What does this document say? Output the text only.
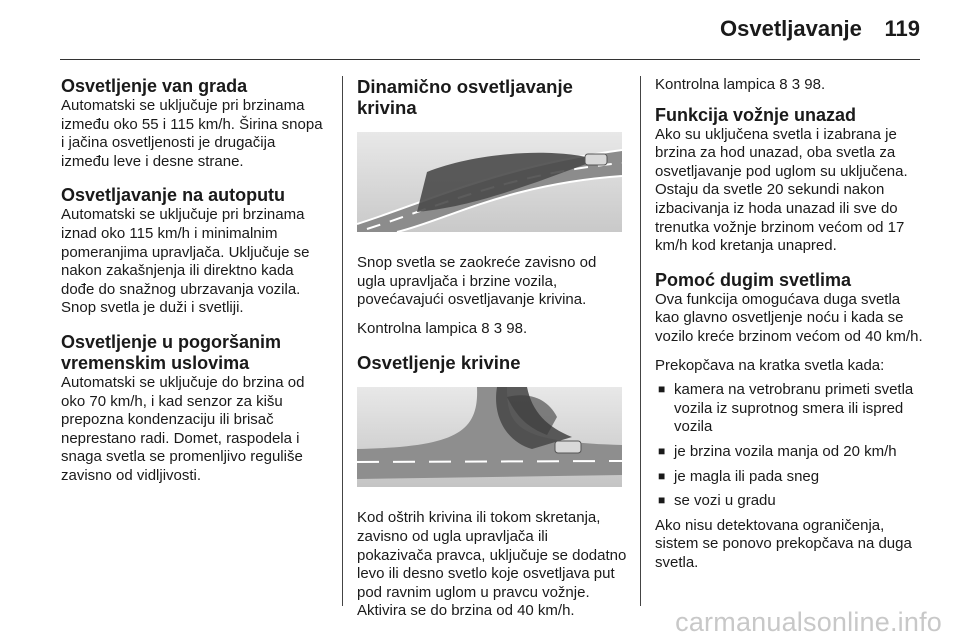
Osvetljavanje 119
Osvetljenje van grada
Automatski se uključuje pri brzinama između oko 55 i 115 km/h. Širina snopa i jačina osvetljenosti je drugačija između leve i desne strane.
Osvetljavanje na autoputu
Automatski se uključuje pri brzinama iznad oko 115 km/h i minimalnim pomeranjima upravljača. Uključuje se nakon zakašnjenja ili direktno kada dođe do snažnog ubrzavanja vozila. Snop svetla je duži i svetliji.
Osvetljenje u pogoršanim vremenskim uslovima
Automatski se uključuje do brzina od oko 70 km/h, i kad senzor za kišu prepozna kondenzaciju ili brisač neprestano radi. Domet, raspodela i snaga svetla se promenljivo reguliše zavisno od vidljivosti.
Dinamično osvetljavanje krivina
Snop svetla se zaokreće zavisno od ugla upravljača i brzine vozila, povećavajući osvetljavanje krivina.
Kontrolna lampica 8 3 98.
Osvetljenje krivine
Kod oštrih krivina ili tokom skretanja, zavisno od ugla upravljača ili pokazivača pravca, uključuje se dodatno levo ili desno svetlo koje osvetljava put pod ravnim uglom u pravcu vožnje. Aktivira se do brzina od 40 km/h.
Kontrolna lampica 8 3 98.
Funkcija vožnje unazad
Ako su uključena svetla i izabrana je brzina za hod unazad, oba svetla za osvetljavanje pod uglom su uključena. Ostaju da svetle 20 sekundi nakon izbacivanja iz hoda unazad ili sve do trenutka vožnje brzinom većom od 17 km/h kod kretanja unapred.
Pomoć dugim svetlima
Ova funkcija omogućava duga svetla kao glavno osvetljenje noću i kada se vozilo kreće brzinom većom od 40 km/h.
Prekopčava na kratka svetla kada:
■ kamera na vetrobranu primeti svetla vozila iz suprotnog smera ili ispred vozila
■ je brzina vozila manja od 20 km/h
■ je magla ili pada sneg
■ se vozi u gradu
Ako nisu detektovana ograničenja, sistem se ponovo prekopčava na duga svetla.
carmanualsonline.info
